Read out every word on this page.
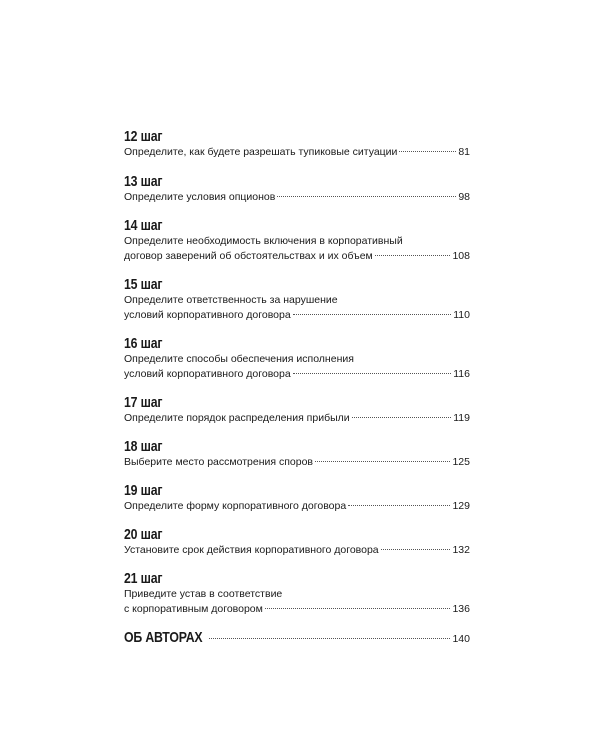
12 шаг
Определите, как будете разрешать тупиковые ситуации	81
13 шаг
Определите условия опционов	98
14 шаг
Определите необходимость включения в корпоративный
договор заверений об обстоятельствах и их объем	108
15 шаг
Определите ответственность за нарушение
условий корпоративного договора	110
16 шаг
Определите способы обеспечения исполнения
условий корпоративного договора	116
17 шаг
Определите порядок распределения прибыли	119
18 шаг
Выберите место рассмотрения споров	125
19 шаг
Определите форму корпоративного договора	129
20 шаг
Установите срок действия корпоративного договора	132
21 шаг
Приведите устав в соответствие
с корпоративным договором	136
ОБ АВТОРАХ	140
